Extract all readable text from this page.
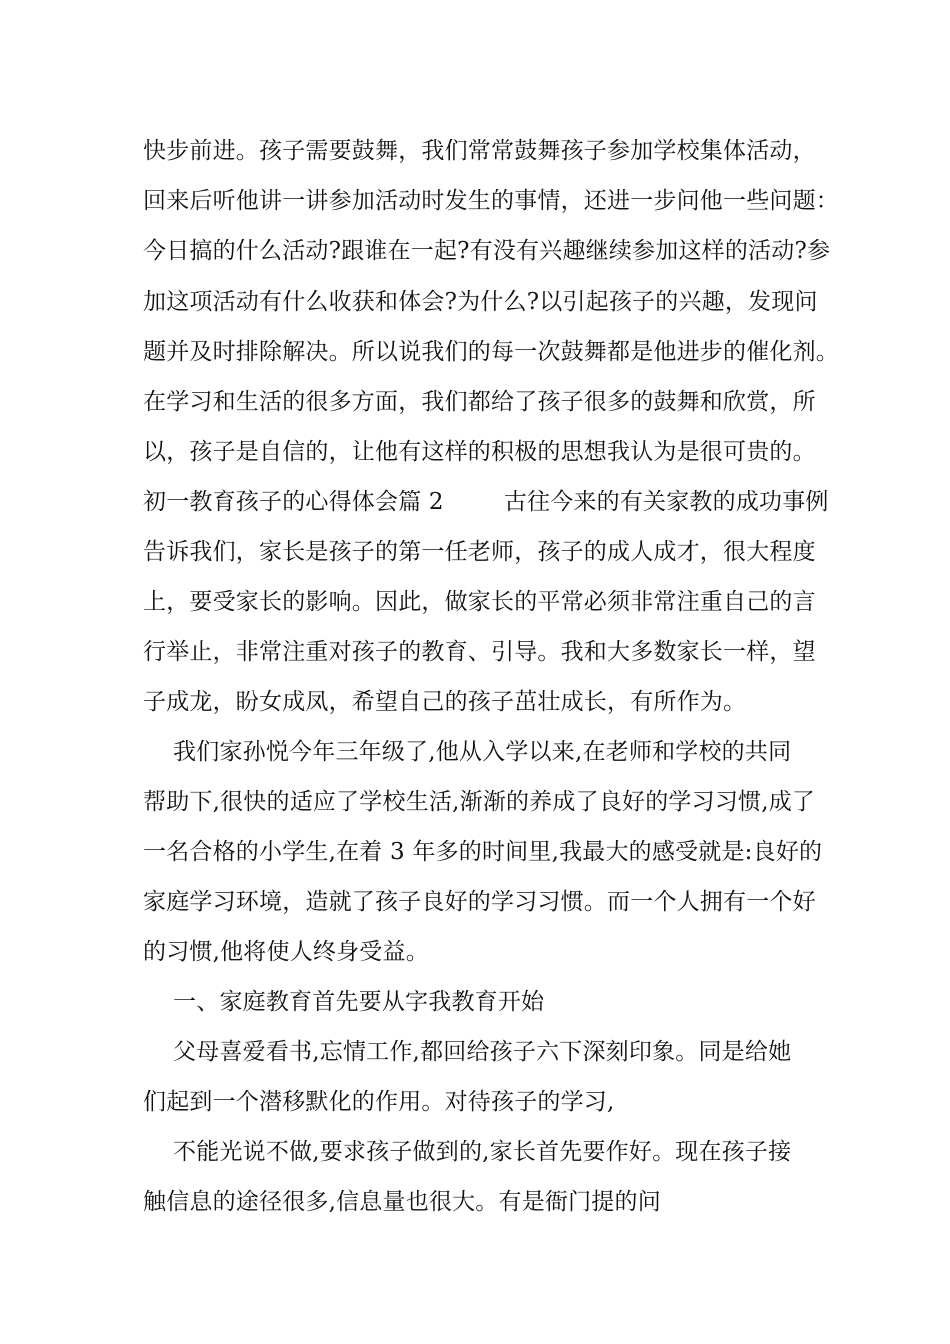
快步前进。孩子需要鼓舞，我们常常鼓舞孩子参加学校集体活动，
回来后听他讲一讲参加活动时发生的事情，还进一步问他一些问题：
今日搞的什么活动?跟谁在一起?有没有兴趣继续参加这样的活动?参
加这项活动有什么收获和体会?为什么?以引起孩子的兴趣，发现问
题并及时排除解决。所以说我们的每一次鼓舞都是他进步的催化剂。
在学习和生活的很多方面，我们都给了孩子很多的鼓舞和欣赏，所
以，孩子是自信的，让他有这样的积极的思想我认为是很可贵的。
初一教育孩子的心得体会篇 2        古往今来的有关家教的成功事例
告诉我们，家长是孩子的第一任老师，孩子的成人成才，很大程度
上，要受家长的影响。因此，做家长的平常必须非常注重自己的言
行举止，非常注重对孩子的教育、引导。我和大多数家长一样，望
子成龙，盼女成凤，希望自己的孩子茁壮成长，有所作为。
我们家孙悦今年三年级了,他从入学以来,在老师和学校的共同
帮助下,很快的适应了学校生活,渐渐的养成了良好的学习习惯,成了
一名合格的小学生,在着 3 年多的时间里,我最大的感受就是:良好的
家庭学习环境，造就了孩子良好的学习习惯。而一个人拥有一个好
的习惯,他将使人终身受益。
一、家庭教育首先要从字我教育开始
父母喜爱看书,忘情工作,都回给孩子六下深刻印象。同是给她
们起到一个潜移默化的作用。对待孩子的学习,
不能光说不做,要求孩子做到的,家长首先要作好。现在孩子接
触信息的途径很多,信息量也很大。有是衙门提的问
